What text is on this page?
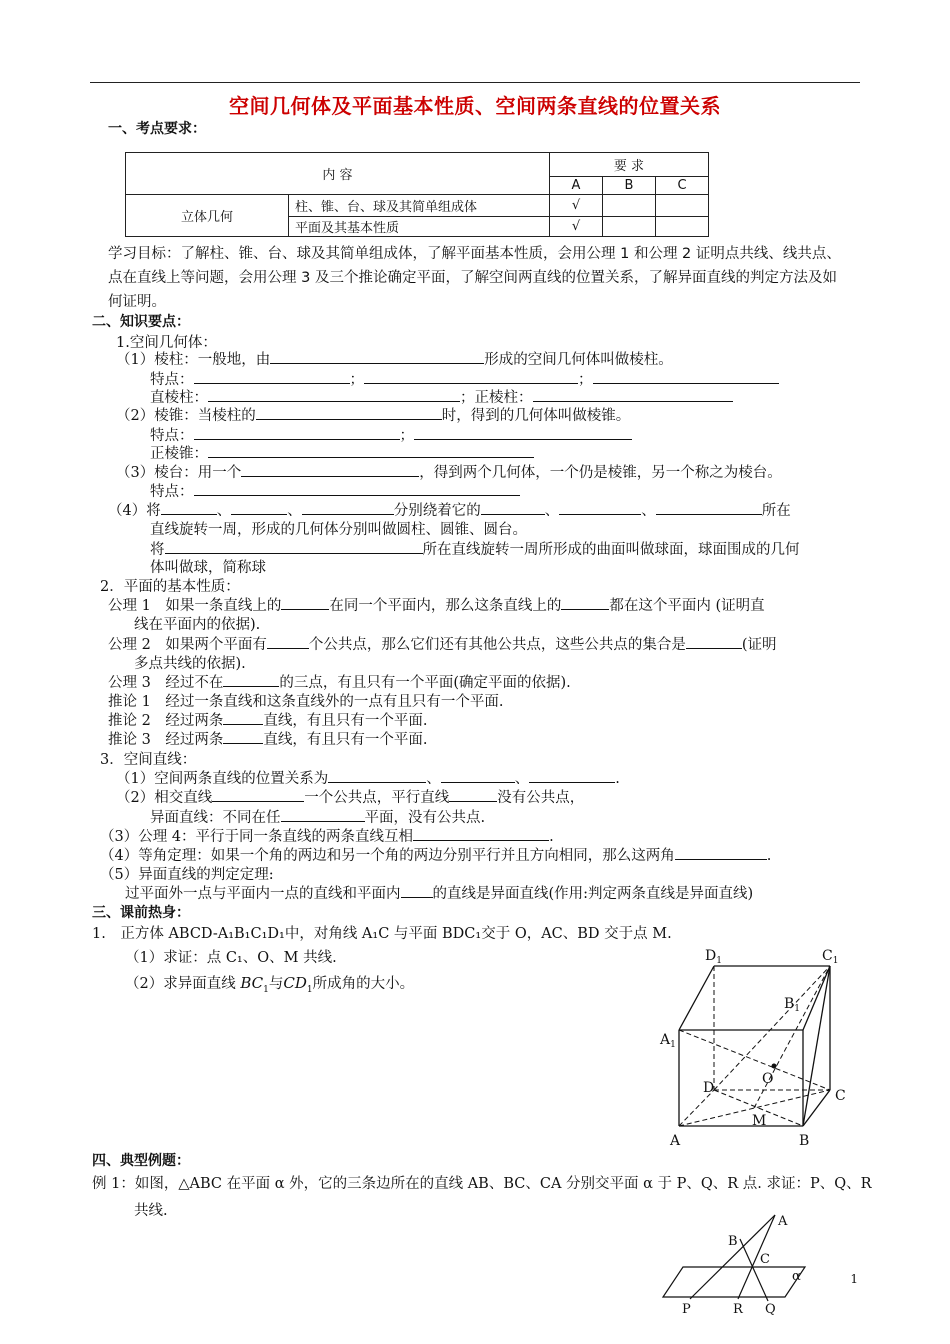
空间几何体及平面基本性质、空间两条直线的位置关系
一、考点要求：
内 容		要 求		
		A	B	C
立体几何	柱、锥、台、球及其简单组成体	√		
	平面及其基本性质	√		
学习目标：了解柱、锥、台、球及其简单组成体，了解平面基本性质，会用公理 1 和公理 2 证明点共线、线共点、点在直线上等问题，会用公理 3 及三个推论确定平面，了解空间两直线的位置关系，了解异面直线的判定方法及如何证明。
二、知识要点：
1.空间几何体：
（1）棱柱：一般地，由	形成的空间几何体叫做棱柱。
特点：	；	；
直棱柱：	；正棱柱：
（2）棱锥：当棱柱的	时，得到的几何体叫做棱锥。
特点：	；
正棱锥：
（3）棱台：用一个	，得到两个几何体，一个仍是棱锥，另一个称之为棱台。
特点：
（4）将	、	、	分别绕着它的	、	、	所在
直线旋转一周，形成的几何体分别叫做圆柱、圆锥、圆台。
将	所在直线旋转一周所形成的曲面叫做球面，球面围成的几何
体叫做球，简称球
2．平面的基本性质：
公理 1　如果一条直线上的	在同一个平面内，那么这条直线上的	都在这个平面内 (证明直
线在平面内的依据).
公理 2　如果两个平面有	个公共点，那么它们还有其他公共点，这些公共点的集合是	(证明
多点共线的依据).
公理 3　经过不在	的三点，有且只有一个平面(确定平面的依据).
推论 1　经过一条直线和这条直线外的一点有且只有一个平面.
推论 2　经过两条	直线，有且只有一个平面.
推论 3　经过两条	直线，有且只有一个平面.
3．空间直线：
（1）空间两条直线的位置关系为	、	、	.
（2）相交直线	一个公共点，平行直线	没有公共点，
异面直线：不同在任	平面，没有公共点.
（3）公理 4：平行于同一条直线的两条直线互相	.
（4）等角定理：如果一个角的两边和另一个角的两边分别平行并且方向相同，那么这两角	.
（5）异面直线的判定定理:
过平面外一点与平面内一点的直线和平面内 的直线是异面直线(作用:判定两条直线是异面直线)
三、课前热身：
1.　正方体 ABCD-A₁B₁C₁D₁中，对角线 A₁C 与平面 BDC₁交于 O，AC、BD 交于点 M.
（1）求证：点 C₁、O、M 共线.
（2）求异面直线 $BC_1$与$CD_1$所成角的大小。
$D_1$	$C_1$
$A_1$
$B_1$
O
D	C
M
A	B
四、典型例题：
例 1：如图，△ABC 在平面 α 外，它的三条边所在的直线 AB、BC、CA 分别交平面 α 于 P、Q、R 点. 求证：P、Q、R
共线.
A
B
C
α
P	R Q
1
